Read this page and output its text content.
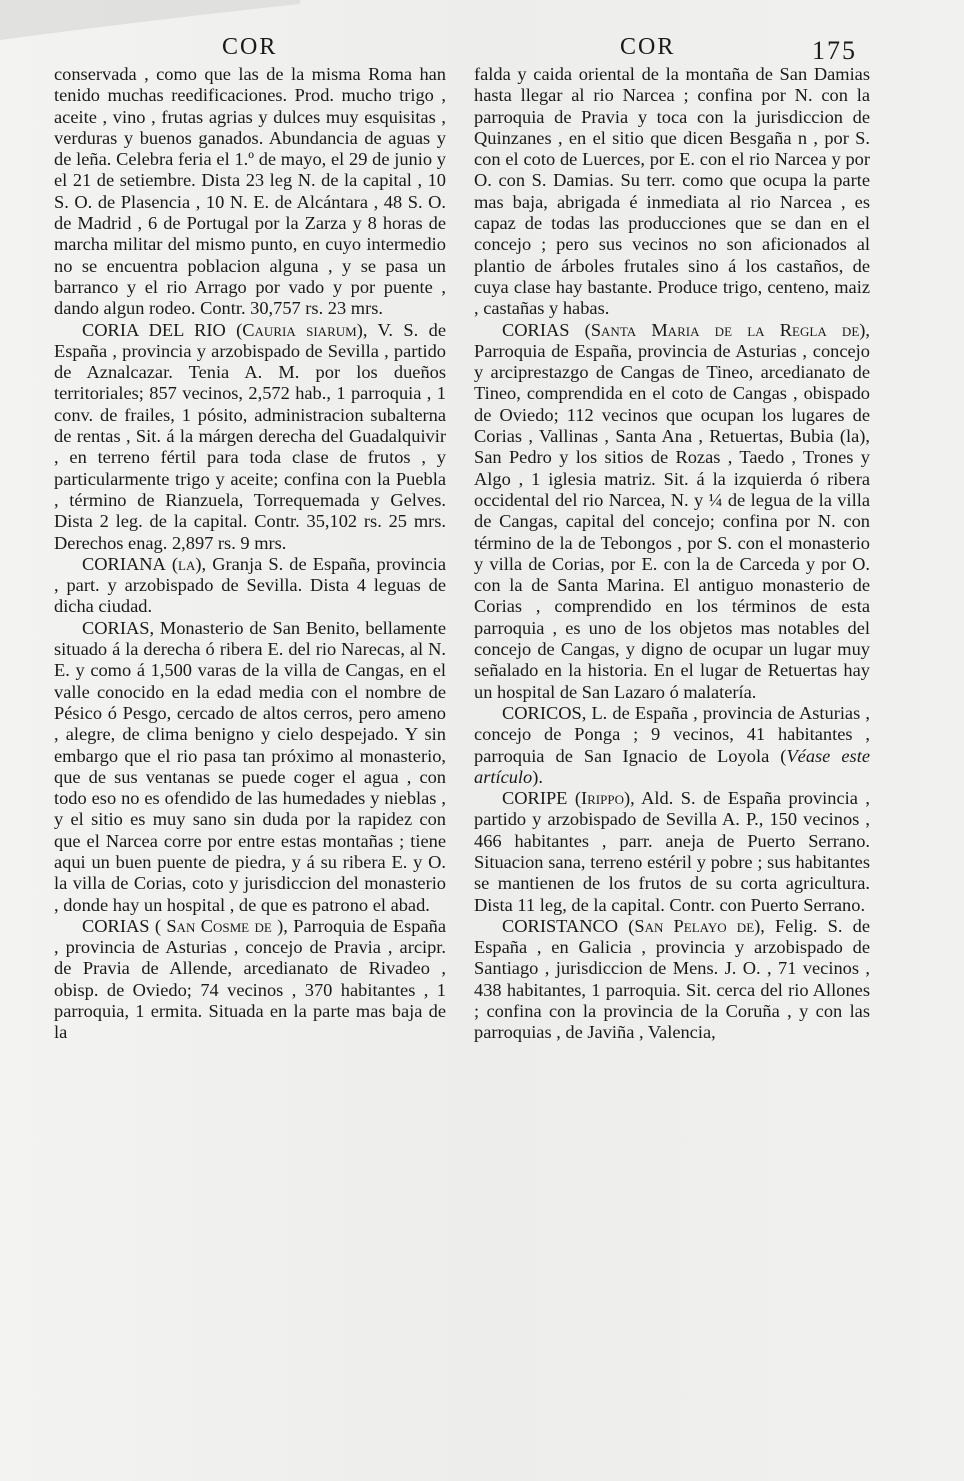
COR	COR	175

conservada , como que las de la misma Roma han tenido muchas reedificaciones. Prod. mucho trigo , aceite , vino , frutas agrias y dulces muy esquisitas , verduras y buenos ganados. Abundancia de aguas y de leña. Celebra feria el 1.º de mayo, el 29 de junio y el 21 de setiembre. Dista 23 leg N. de la capital , 10 S. O. de Plasencia , 10 N. E. de Alcántara , 48 S. O. de Madrid , 6 de Portugal por la Zarza y 8 horas de marcha militar del mismo punto, en cuyo intermedio no se encuentra poblacion alguna , y se pasa un barranco y el rio Arrago por vado y por puente , dando algun rodeo. Contr. 30,757 rs. 23 mrs.

CORIA DEL RIO (Cauria siarum), V. S. de España , provincia y arzobispado de Sevilla , partido de Aznalcazar. Tenia A. M. por los dueños territoriales; 857 vecinos, 2,572 hab., 1 parroquia , 1 conv. de frailes, 1 pósito, administracion subalterna de rentas , Sit. á la márgen derecha del Guadalquivir , en terreno fértil para toda clase de frutos , y particularmente trigo y aceite; confina con la Puebla , término de Rianzuela, Torrequemada y Gelves. Dista 2 leg. de la capital. Contr. 35,102 rs. 25 mrs. Derechos enag. 2,897 rs. 9 mrs.

CORIANA (la), Granja S. de España, provincia , part. y arzobispado de Sevilla. Dista 4 leguas de dicha ciudad.

CORIAS, Monasterio de San Benito, bellamente situado á la derecha ó ribera E. del rio Narecas, al N. E. y como á 1,500 varas de la villa de Cangas, en el valle conocido en la edad media con el nombre de Pésico ó Pesgo, cercado de altos cerros, pero ameno , alegre, de clima benigno y cielo despejado. Y sin embargo que el rio pasa tan próximo al monasterio, que de sus ventanas se puede coger el agua , con todo eso no es ofendido de las humedades y nieblas , y el sitio es muy sano sin duda por la rapidez con que el Narcea corre por entre estas montañas ; tiene aqui un buen puente de piedra, y á su ribera E. y O. la villa de Corias, coto y jurisdiccion del monasterio , donde hay un hospital , de que es patrono el abad.

CORIAS ( San Cosme de ), Parroquia de España , provincia de Asturias , concejo de Pravia , arcipr. de Pravia de Allende, arcedianato de Rivadeo , obisp. de Oviedo; 74 vecinos , 370 habitantes , 1 parroquia, 1 ermita. Situada en la parte mas baja de la

falda y caida oriental de la montaña de San Damias hasta llegar al rio Narcea ; confina por N. con la parroquia de Pravia y toca con la jurisdiccion de Quinzanes , en el sitio que dicen Besgaña n , por S. con el coto de Luerces, por E. con el rio Narcea y por O. con S. Damias. Su terr. como que ocupa la parte mas baja, abrigada é inmediata al rio Narcea , es capaz de todas las producciones que se dan en el concejo ; pero sus vecinos no son aficionados al plantio de árboles frutales sino á los castaños, de cuya clase hay bastante. Produce trigo, centeno, maiz , castañas y habas.

CORIAS (Santa Maria de la Regla de), Parroquia de España, provincia de Asturias , concejo y arciprestazgo de Cangas de Tineo, arcedianato de Tineo, comprendida en el coto de Cangas , obispado de Oviedo; 112 vecinos que ocupan los lugares de Corias , Vallinas , Santa Ana , Retuertas, Bubia (la), San Pedro y los sitios de Rozas , Taedo , Trones y Algo , 1 iglesia matriz. Sit. á la izquierda ó ribera occidental del rio Narcea, N. y ¼ de legua de la villa de Cangas, capital del concejo; confina por N. con término de la de Tebongos , por S. con el monasterio y villa de Corias, por E. con la de Carceda y por O. con la de Santa Marina. El antiguo monasterio de Corias , comprendido en los términos de esta parroquia , es uno de los objetos mas notables del concejo de Cangas, y digno de ocupar un lugar muy señalado en la historia. En el lugar de Retuertas hay un hospital de San Lazaro ó malatería.

CORICOS, L. de España , provincia de Asturias , concejo de Ponga ; 9 vecinos, 41 habitantes , parroquia de San Ignacio de Loyola (Véase este artículo).

CORIPE (Irippo), Ald. S. de España provincia , partido y arzobispado de Sevilla A. P., 150 vecinos , 466 habitantes , parr. aneja de Puerto Serrano. Situacion sana, terreno estéril y pobre ; sus habitantes se mantienen de los frutos de su corta agricultura. Dista 11 leg, de la capital. Contr. con Puerto Serrano.

CORISTANCO (San Pelayo de), Felig. S. de España , en Galicia , provincia y arzobispado de Santiago , jurisdiccion de Mens. J. O. , 71 vecinos , 438 habitantes, 1 parroquia. Sit. cerca del rio Allones ; confina con la provincia de la Coruña , y con las parroquias , de Javiña , Valencia,
